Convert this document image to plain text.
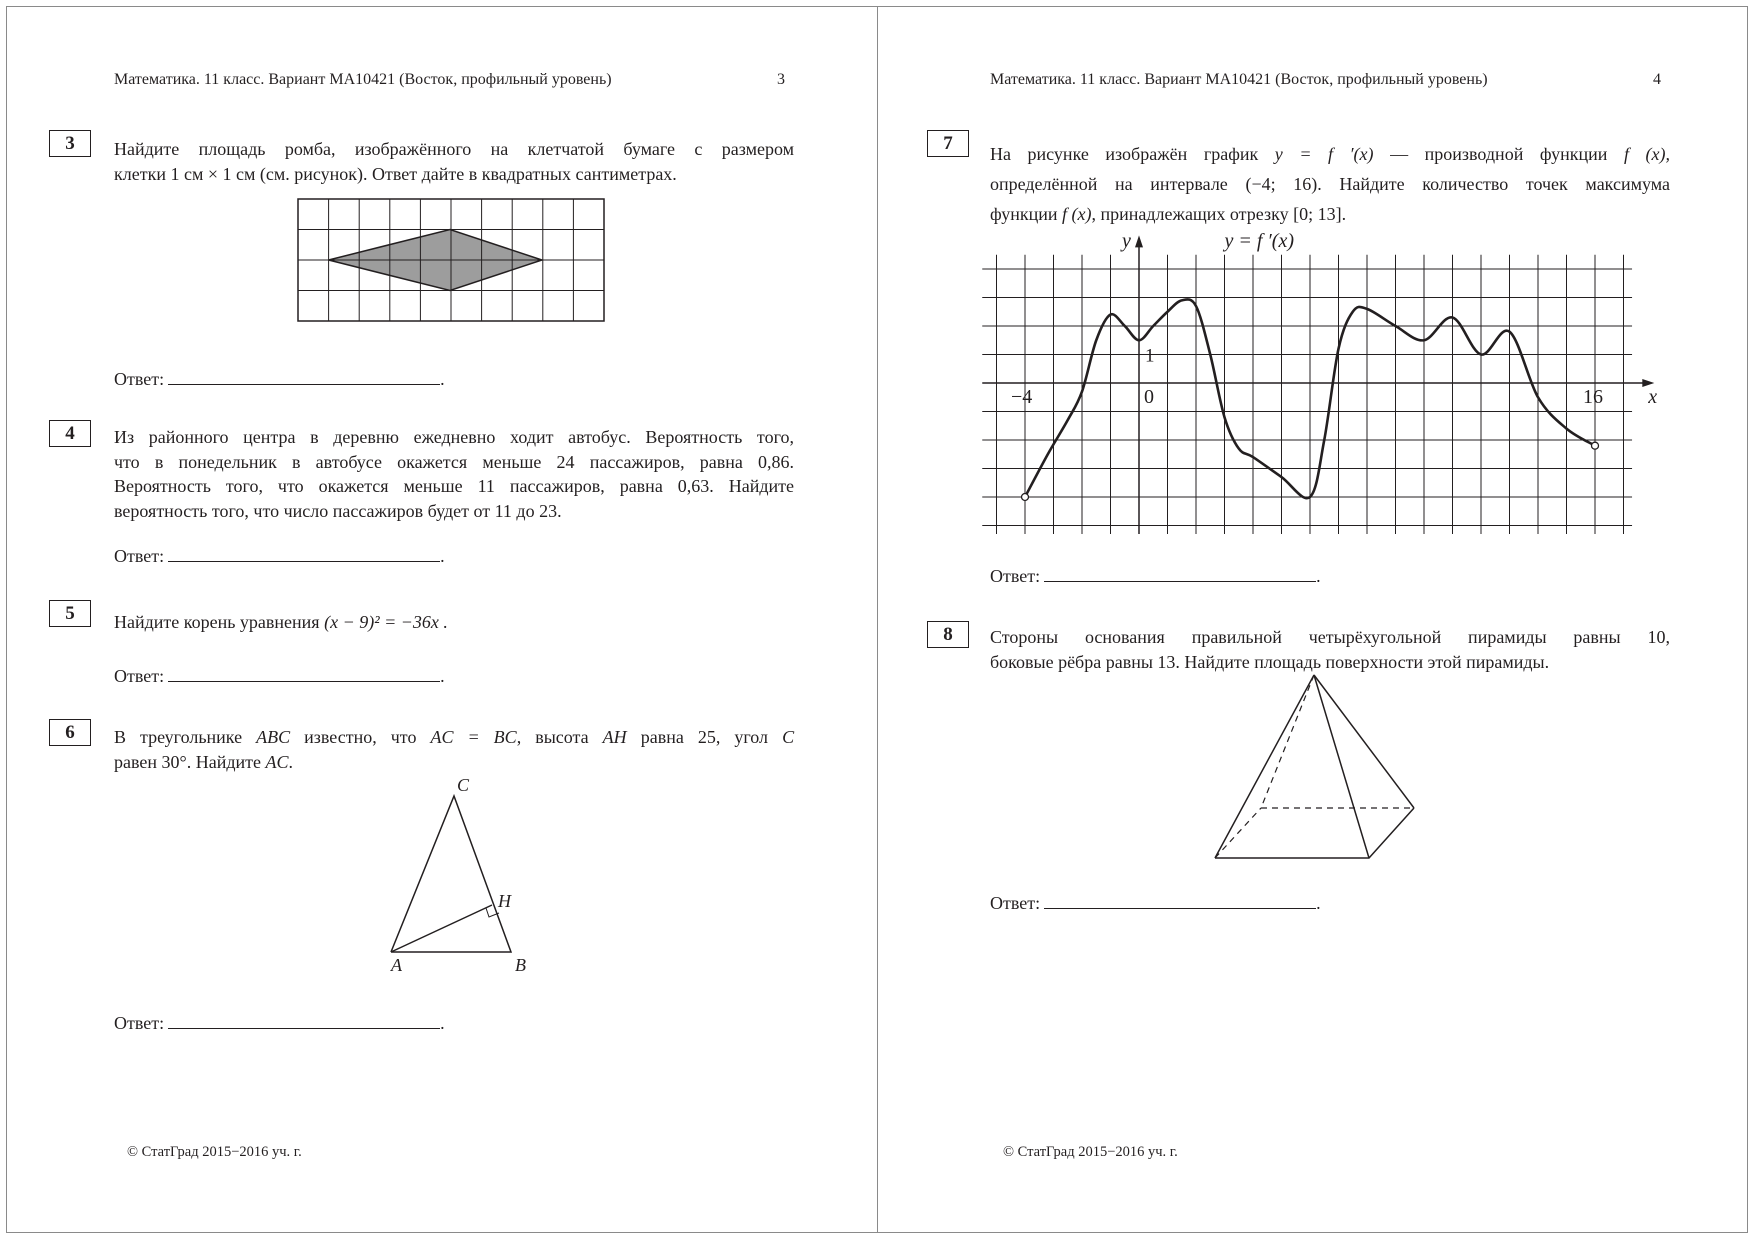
Математика. 11 класс. Вариант МА10421 (Восток, профильный уровень)	3
3	Найдите площадь ромба, изображённого на клетчатой бумаге с размером
клетки 1 см × 1 см (см. рисунок). Ответ дайте в квадратных сантиметрах.
Ответ:	.
4	Из районного центра в деревню ежедневно ходит автобус. Вероятность того,
что в понедельник в автобусе окажется меньше 24 пассажиров, равна 0,86.
Вероятность того, что окажется меньше 11 пассажиров, равна 0,63. Найдите
вероятность того, что число пассажиров будет от 11 до 23.
Ответ:	.
5	Найдите корень уравнения (x − 9)² = −36x .
Ответ:	.
6	В треугольнике ABC известно, что AC = BC, высота AH равна 25, угол C
равен 30°. Найдите AC.
C
H
A	B
Ответ:	.
© СтатГрад 2015−2016 уч. г.
Математика. 11 класс. Вариант МА10421 (Восток, профильный уровень)	4
7	На рисунке изображён график y = f ′(x) — производной функции f (x),
определённой на интервале (−4; 16). Найдите количество точек максимума
функции f (x), принадлежащих отрезку [0; 13].
y = f ′(x)
y
x
−4	0	16
1
Ответ:	.
8	Стороны основания правильной четырёхугольной пирамиды равны 10,
боковые рёбра равны 13. Найдите площадь поверхности этой пирамиды.
Ответ:	.
© СтатГрад 2015−2016 уч. г.
